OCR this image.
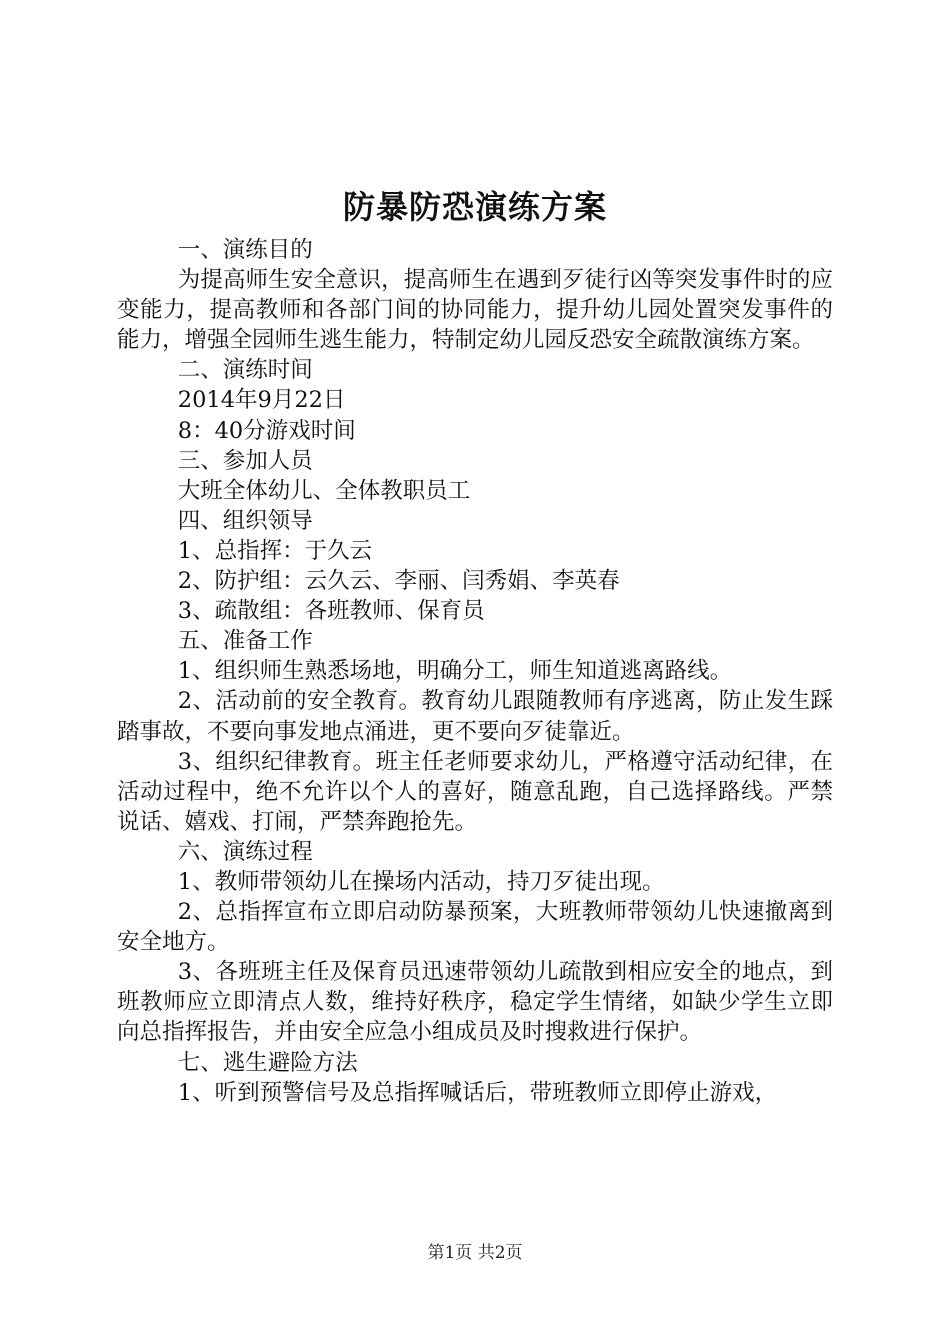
防暴防恐演练方案

一、演练目的

为提高师生安全意识，提高师生在遇到歹徒行凶等突发事件时的应变能力，提高教师和各部门间的协同能力，提升幼儿园处置突发事件的能力，增强全园师生逃生能力，特制定幼儿园反恐安全疏散演练方案。

二、演练时间

2014年9月22日

8：40分游戏时间

三、参加人员

大班全体幼儿、全体教职员工

四、组织领导

1、总指挥：于久云

2、防护组：云久云、李丽、闫秀娟、李英春

3、疏散组：各班教师、保育员

五、准备工作

1、组织师生熟悉场地，明确分工，师生知道逃离路线。

2、活动前的安全教育。教育幼儿跟随教师有序逃离，防止发生踩踏事故，不要向事发地点涌进，更不要向歹徒靠近。

3、组织纪律教育。班主任老师要求幼儿，严格遵守活动纪律，在活动过程中，绝不允许以个人的喜好，随意乱跑，自己选择路线。严禁说话、嬉戏、打闹，严禁奔跑抢先。

六、演练过程

1、教师带领幼儿在操场内活动，持刀歹徒出现。

2、总指挥宣布立即启动防暴预案，大班教师带领幼儿快速撤离到安全地方。

3、各班班主任及保育员迅速带领幼儿疏散到相应安全的地点，到班教师应立即清点人数，维持好秩序，稳定学生情绪，如缺少学生立即向总指挥报告，并由安全应急小组成员及时搜救进行保护。

七、逃生避险方法

1、听到预警信号及总指挥喊话后，带班教师立即停止游戏，

第1页 共2页
